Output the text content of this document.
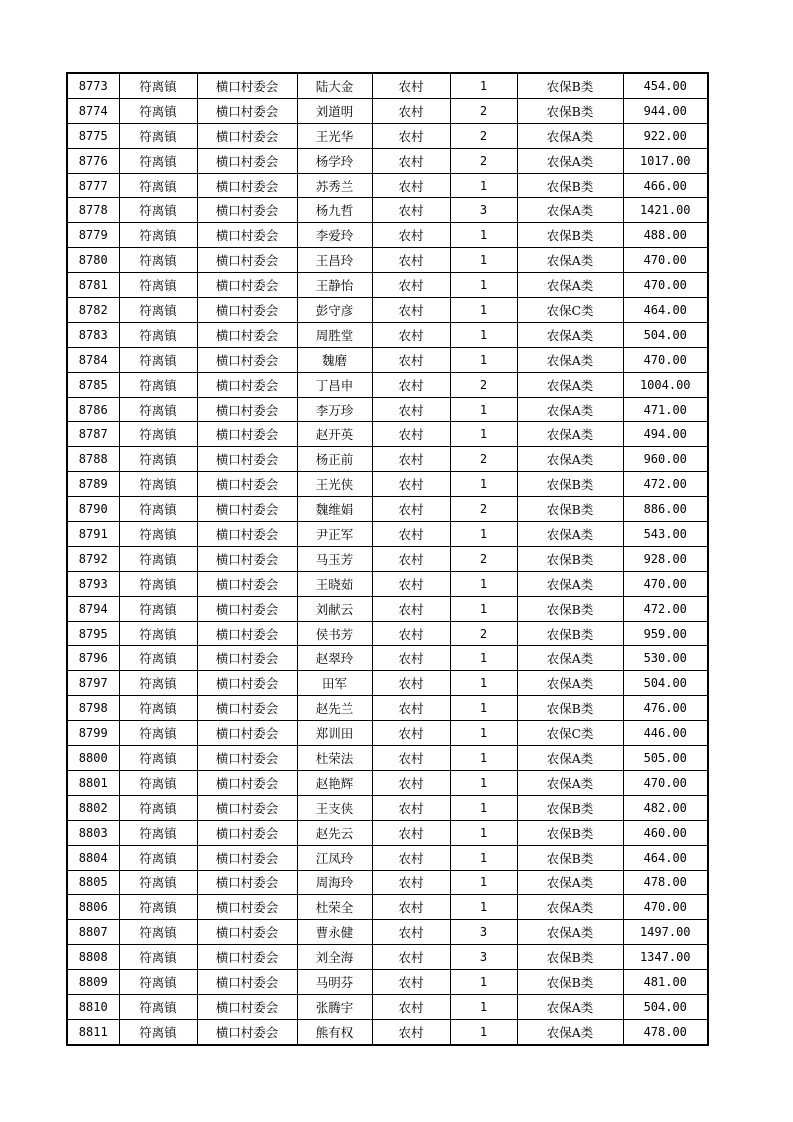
8773	符离镇	横口村委会	陆大金	农村	1	农保B类	454.00
8774	符离镇	横口村委会	刘道明	农村	2	农保B类	944.00
8775	符离镇	横口村委会	王光华	农村	2	农保A类	922.00
8776	符离镇	横口村委会	杨学玲	农村	2	农保A类	1017.00
8777	符离镇	横口村委会	苏秀兰	农村	1	农保B类	466.00
8778	符离镇	横口村委会	杨九哲	农村	3	农保A类	1421.00
8779	符离镇	横口村委会	李爱玲	农村	1	农保B类	488.00
8780	符离镇	横口村委会	王昌玲	农村	1	农保A类	470.00
8781	符离镇	横口村委会	王静怡	农村	1	农保A类	470.00
8782	符离镇	横口村委会	彭守彦	农村	1	农保C类	464.00
8783	符离镇	横口村委会	周胜堂	农村	1	农保A类	504.00
8784	符离镇	横口村委会	魏磨	农村	1	农保A类	470.00
8785	符离镇	横口村委会	丁昌申	农村	2	农保A类	1004.00
8786	符离镇	横口村委会	李万珍	农村	1	农保A类	471.00
8787	符离镇	横口村委会	赵开英	农村	1	农保A类	494.00
8788	符离镇	横口村委会	杨正前	农村	2	农保A类	960.00
8789	符离镇	横口村委会	王光侠	农村	1	农保B类	472.00
8790	符离镇	横口村委会	魏维娟	农村	2	农保B类	886.00
8791	符离镇	横口村委会	尹正军	农村	1	农保A类	543.00
8792	符离镇	横口村委会	马玉芳	农村	2	农保B类	928.00
8793	符离镇	横口村委会	王晓茹	农村	1	农保A类	470.00
8794	符离镇	横口村委会	刘献云	农村	1	农保B类	472.00
8795	符离镇	横口村委会	侯书芳	农村	2	农保B类	959.00
8796	符离镇	横口村委会	赵翠玲	农村	1	农保A类	530.00
8797	符离镇	横口村委会	田军	农村	1	农保A类	504.00
8798	符离镇	横口村委会	赵先兰	农村	1	农保B类	476.00
8799	符离镇	横口村委会	郑训田	农村	1	农保C类	446.00
8800	符离镇	横口村委会	杜荣法	农村	1	农保A类	505.00
8801	符离镇	横口村委会	赵艳辉	农村	1	农保A类	470.00
8802	符离镇	横口村委会	王支侠	农村	1	农保B类	482.00
8803	符离镇	横口村委会	赵先云	农村	1	农保B类	460.00
8804	符离镇	横口村委会	江凤玲	农村	1	农保B类	464.00
8805	符离镇	横口村委会	周海玲	农村	1	农保A类	478.00
8806	符离镇	横口村委会	杜荣全	农村	1	农保A类	470.00
8807	符离镇	横口村委会	曹永健	农村	3	农保A类	1497.00
8808	符离镇	横口村委会	刘全海	农村	3	农保B类	1347.00
8809	符离镇	横口村委会	马明芬	农村	1	农保B类	481.00
8810	符离镇	横口村委会	张腾宇	农村	1	农保A类	504.00
8811	符离镇	横口村委会	熊有权	农村	1	农保A类	478.00
